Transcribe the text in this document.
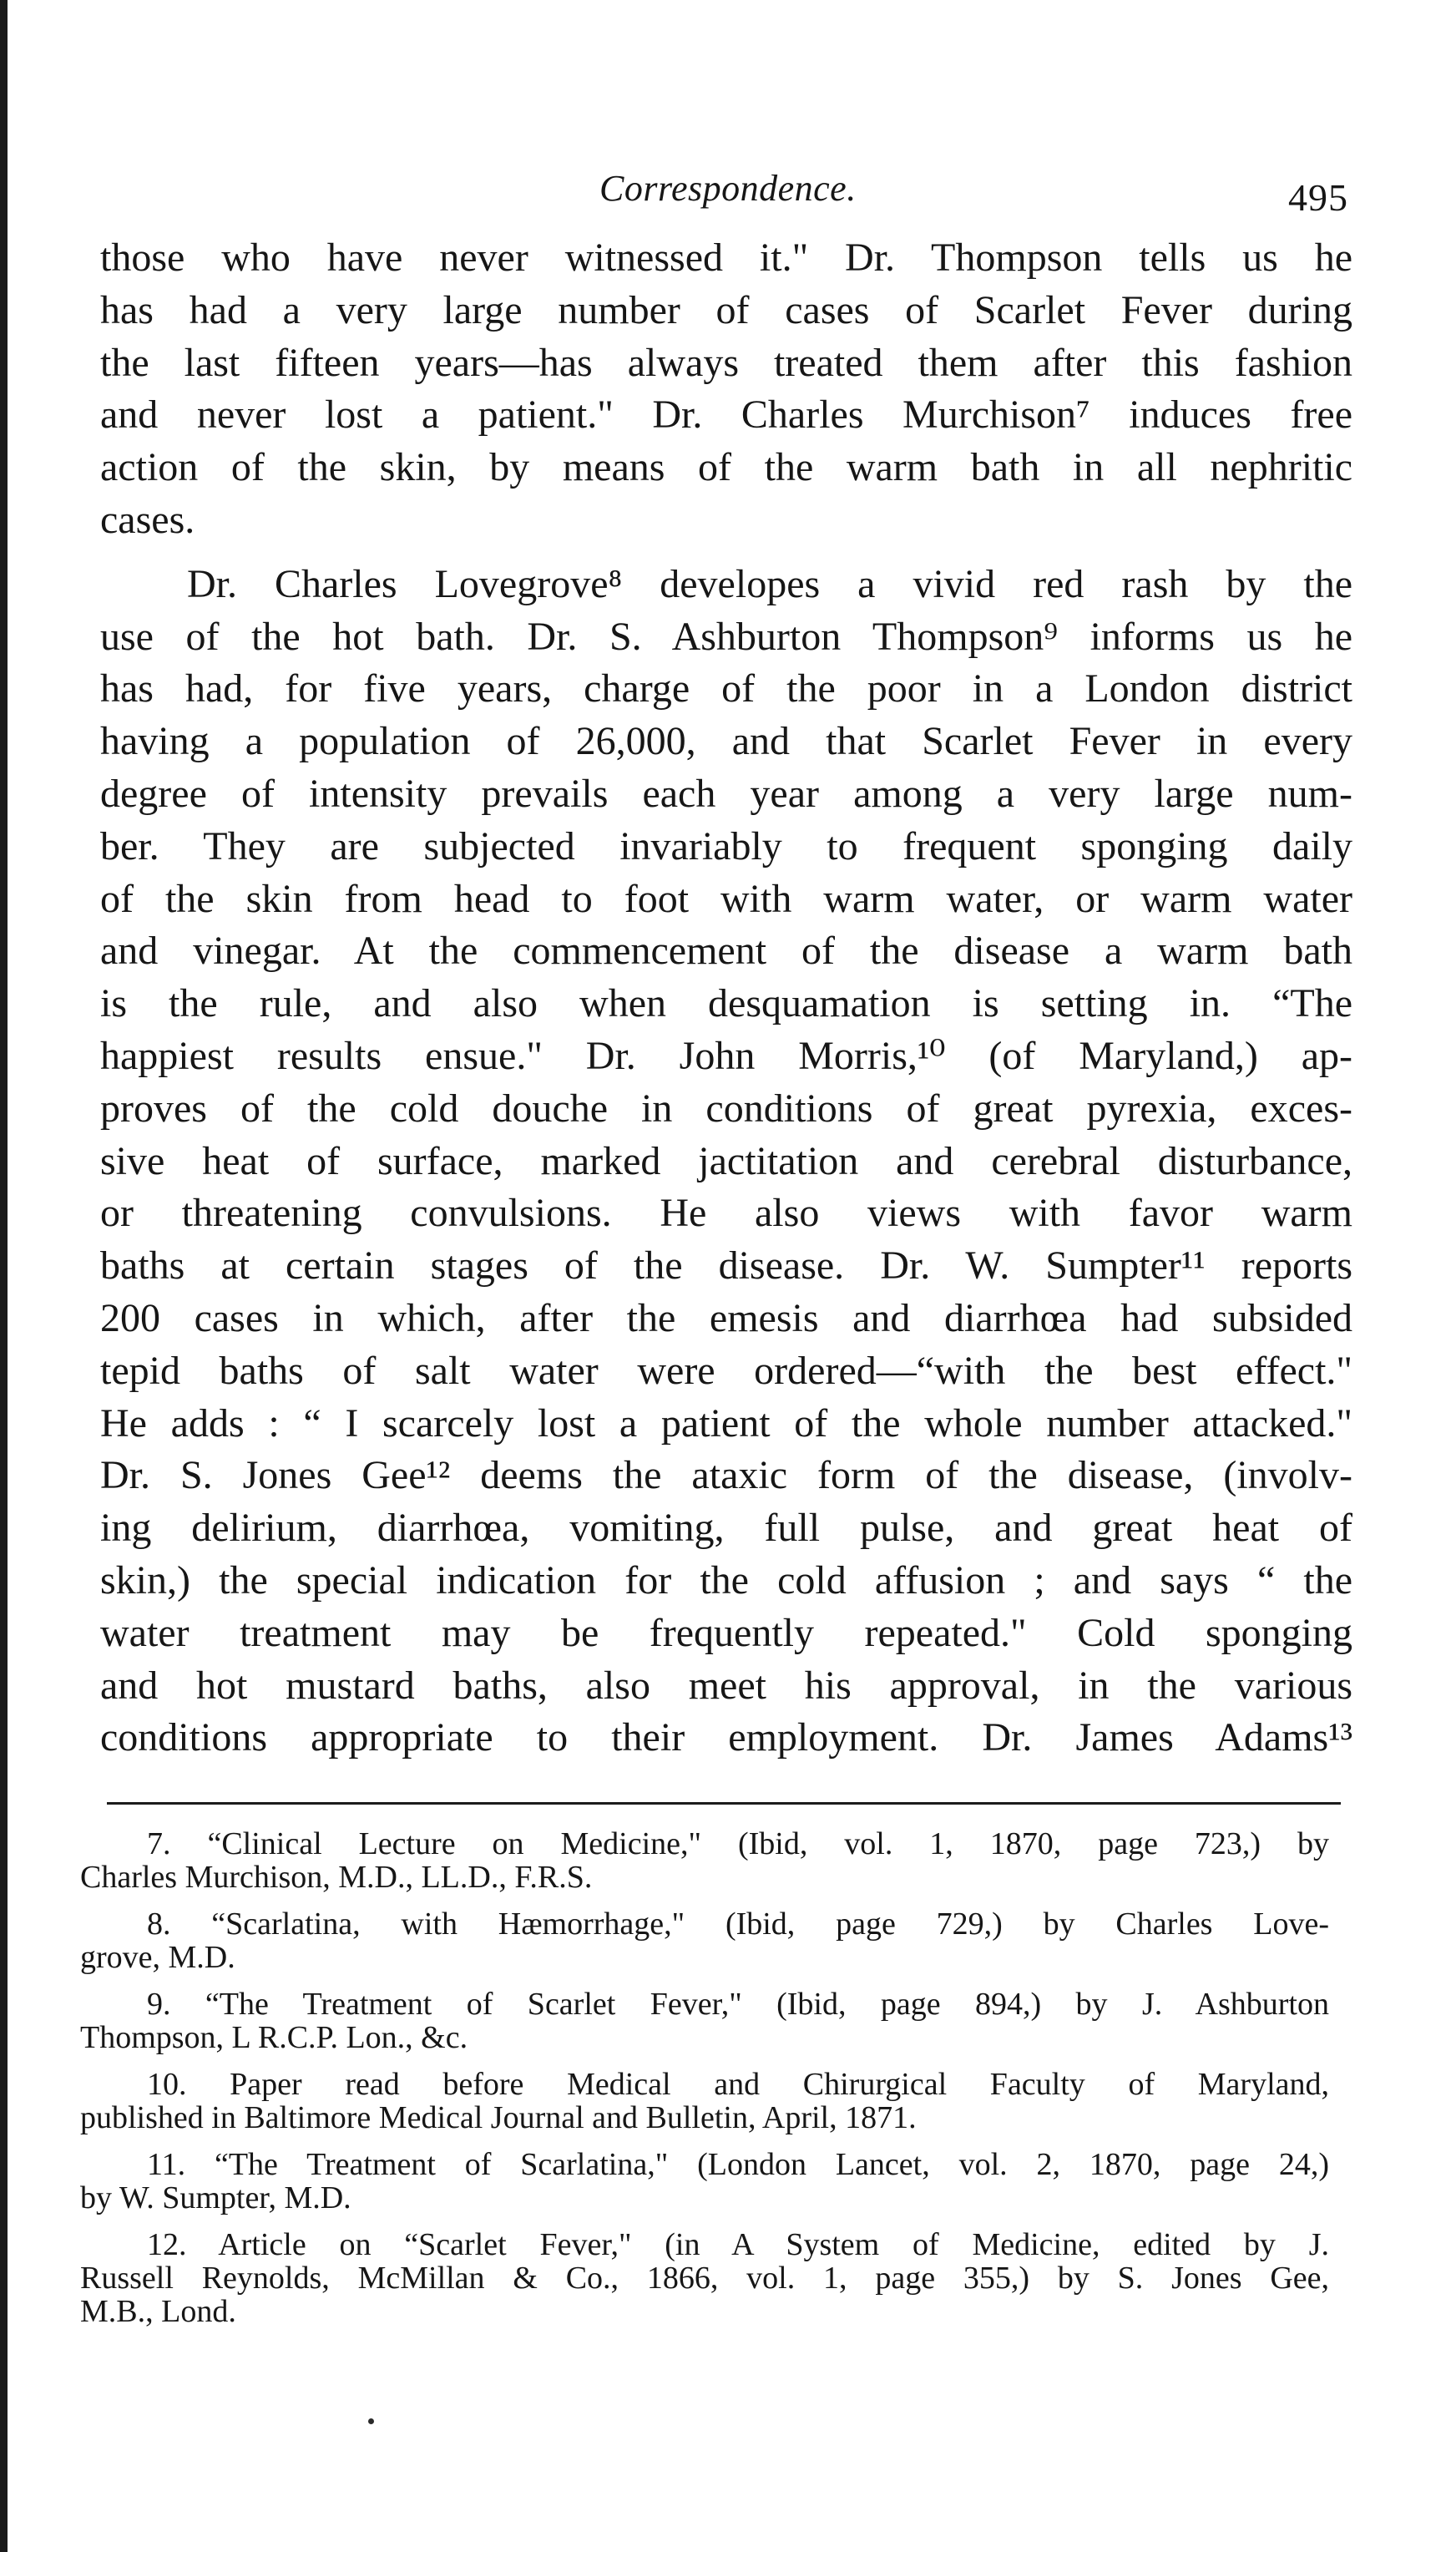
Correspondence.	495

those who have never witnessed it." Dr. Thompson tells us he
has had a very large number of cases of Scarlet Fever during
the last fifteen years—has always treated them after this fashion
and never lost a patient." Dr. Charles Murchison⁷ induces free
action of the skin, by means of the warm bath in all nephritic
cases.

Dr. Charles Lovegrove⁸ developes a vivid red rash by the
use of the hot bath. Dr. S. Ashburton Thompson⁹ informs us he
has had, for five years, charge of the poor in a London district
having a population of 26,000, and that Scarlet Fever in every
degree of intensity prevails each year among a very large num-
ber. They are subjected invariably to frequent sponging daily
of the skin from head to foot with warm water, or warm water
and vinegar. At the commencement of the disease a warm bath
is the rule, and also when desquamation is setting in. “The
happiest results ensue." Dr. John Morris,¹⁰ (of Maryland,) ap-
proves of the cold douche in conditions of great pyrexia, exces-
sive heat of surface, marked jactitation and cerebral disturbance,
or threatening convulsions. He also views with favor warm
baths at certain stages of the disease. Dr. W. Sumpter¹¹ reports
200 cases in which, after the emesis and diarrhœa had subsided
tepid baths of salt water were ordered—“with the best effect."
He adds : “ I scarcely lost a patient of the whole number attacked."
Dr. S. Jones Gee¹² deems the ataxic form of the disease, (involv-
ing delirium, diarrhœa, vomiting, full pulse, and great heat of
skin,) the special indication for the cold affusion ; and says “ the
water treatment may be frequently repeated." Cold sponging
and hot mustard baths, also meet his approval, in the various
conditions appropriate to their employment. Dr. James Adams¹³

7. “Clinical Lecture on Medicine," (Ibid, vol. 1, 1870, page 723,) by
Charles Murchison, M.D., LL.D., F.R.S.

8. “Scarlatina, with Hæmorrhage," (Ibid, page 729,) by Charles Love-
grove, M.D.

9. “The Treatment of Scarlet Fever," (Ibid, page 894,) by J. Ashburton
Thompson, L R.C.P. Lon., &c.

10. Paper read before Medical and Chirurgical Faculty of Maryland,
published in Baltimore Medical Journal and Bulletin, April, 1871.

11. “The Treatment of Scarlatina," (London Lancet, vol. 2, 1870, page 24,)
by W. Sumpter, M.D.

12. Article on “Scarlet Fever," (in A System of Medicine, edited by J.
Russell Reynolds, McMillan & Co., 1866, vol. 1, page 355,) by S. Jones Gee,
M.B., Lond.
